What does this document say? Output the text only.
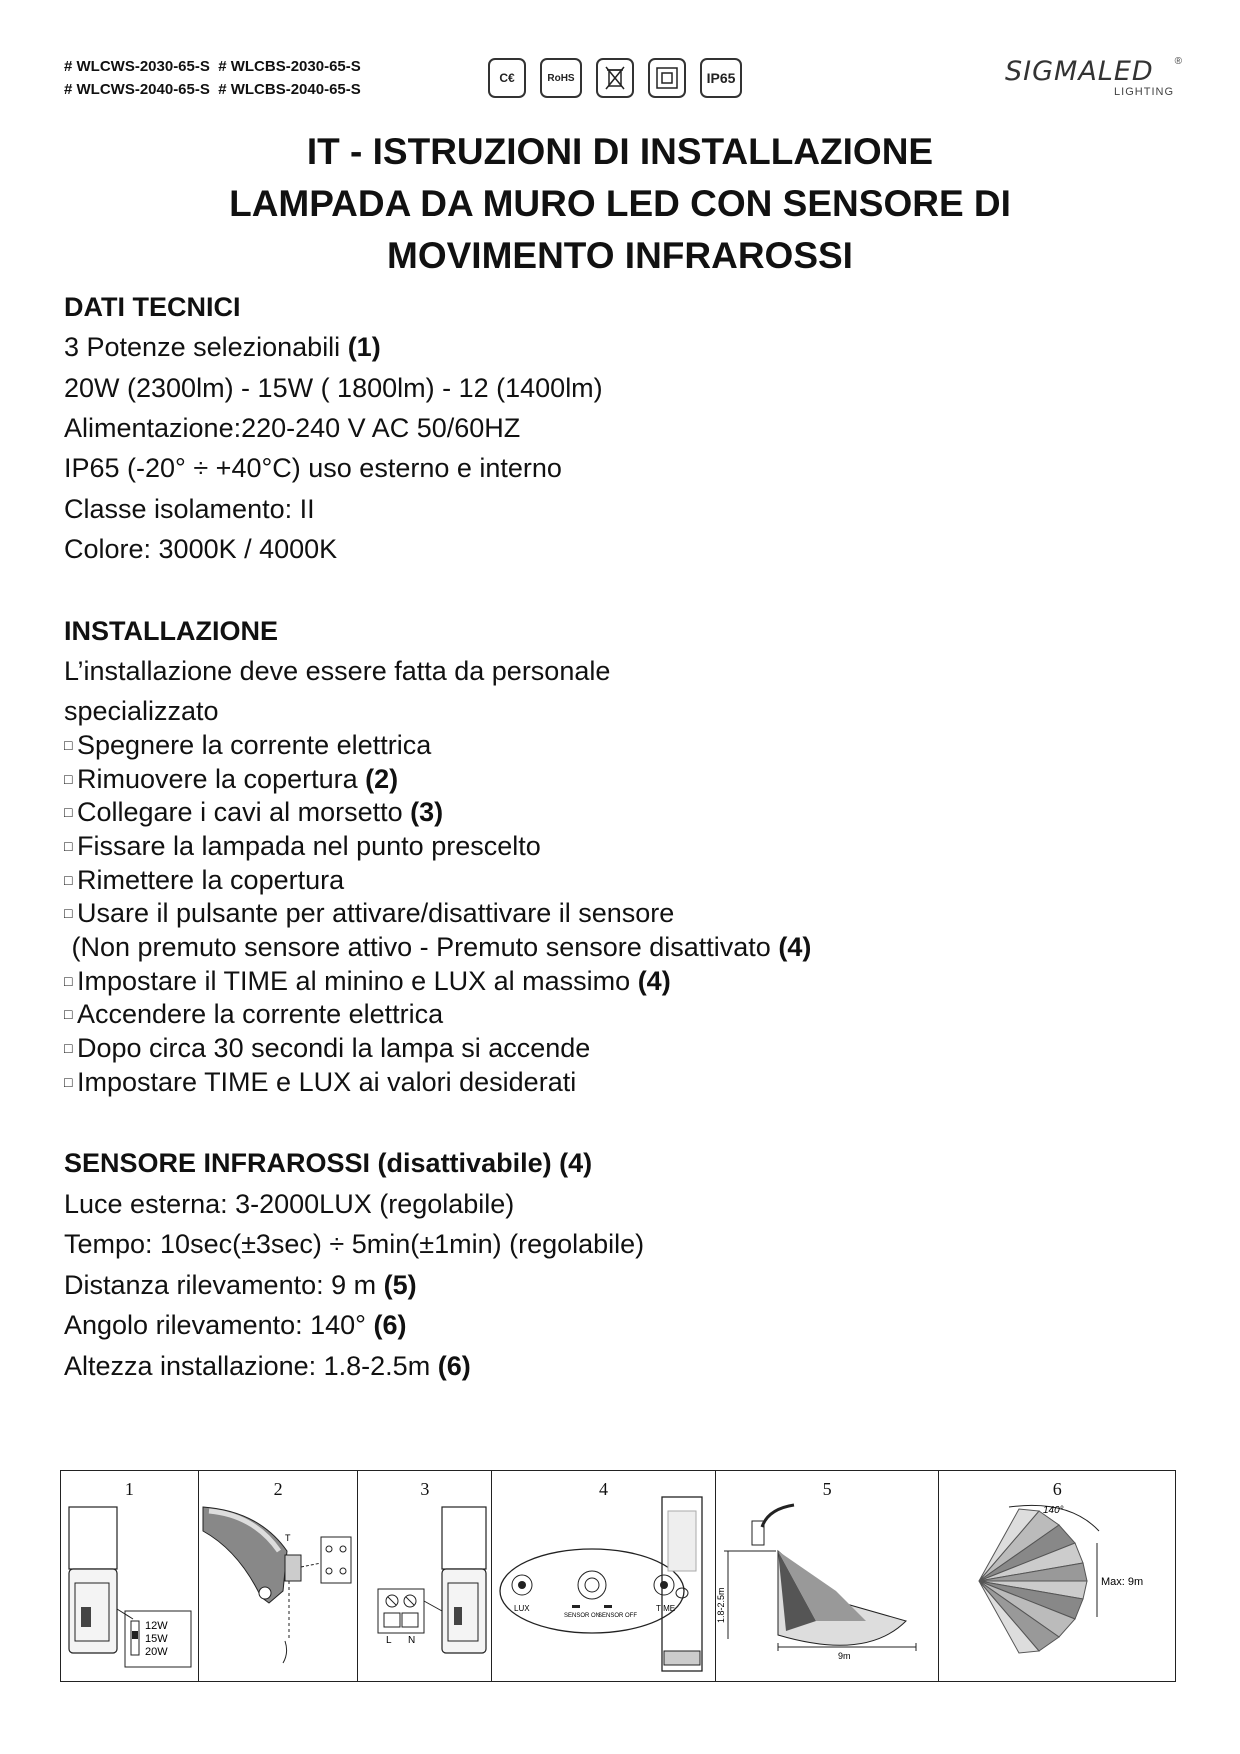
# WLCWS-2030-65-S  # WLCBS-2030-65-S
# WLCWS-2040-65-S  # WLCBS-2040-65-S
C€	RoHS	IP65	SIGMALED ®
LIGHTING
IT - ISTRUZIONI DI INSTALLAZIONE
LAMPADA DA MURO LED CON SENSORE DI
MOVIMENTO INFRAROSSI
DATI TECNICI
3 Potenze selezionabili (1)
20W (2300lm) - 15W ( 1800lm) - 12 (1400lm)
Alimentazione:220-240 V AC 50/60HZ
IP65 (-20° ÷ +40°C) uso esterno e interno
Classe isolamento: II
Colore: 3000K / 4000K
INSTALLAZIONE
L’installazione deve essere fatta da personale
specializzato
□ Spegnere la corrente elettrica
□ Rimuovere la copertura (2)
□ Collegare i cavi al morsetto (3)
□ Fissare la lampada nel punto prescelto
□ Rimettere la copertura
□ Usare il pulsante per attivare/disattivare il sensore
(Non premuto sensore attivo - Premuto sensore disattivato (4)
□ Impostare il TIME al minino e LUX al massimo (4)
□ Accendere la corrente elettrica
□ Dopo circa 30 secondi la lampa si accende
□ Impostare TIME e LUX ai valori desiderati
SENSORE INFRAROSSI (disattivabile) (4)
Luce esterna: 3-2000LUX (regolabile)
Tempo: 10sec(±3sec) ÷ 5min(±1min) (regolabile)
Distanza rilevamento: 9 m (5)
Angolo rilevamento: 140° (6)
Altezza installazione: 1.8-2.5m (6)
1
12W
15W
20W
2
T
3
L N
4
LUX	TIME
SENSOR ON
SENSOR OFF
5
1.8-2.5m
9m
6
140°
Max: 9m
